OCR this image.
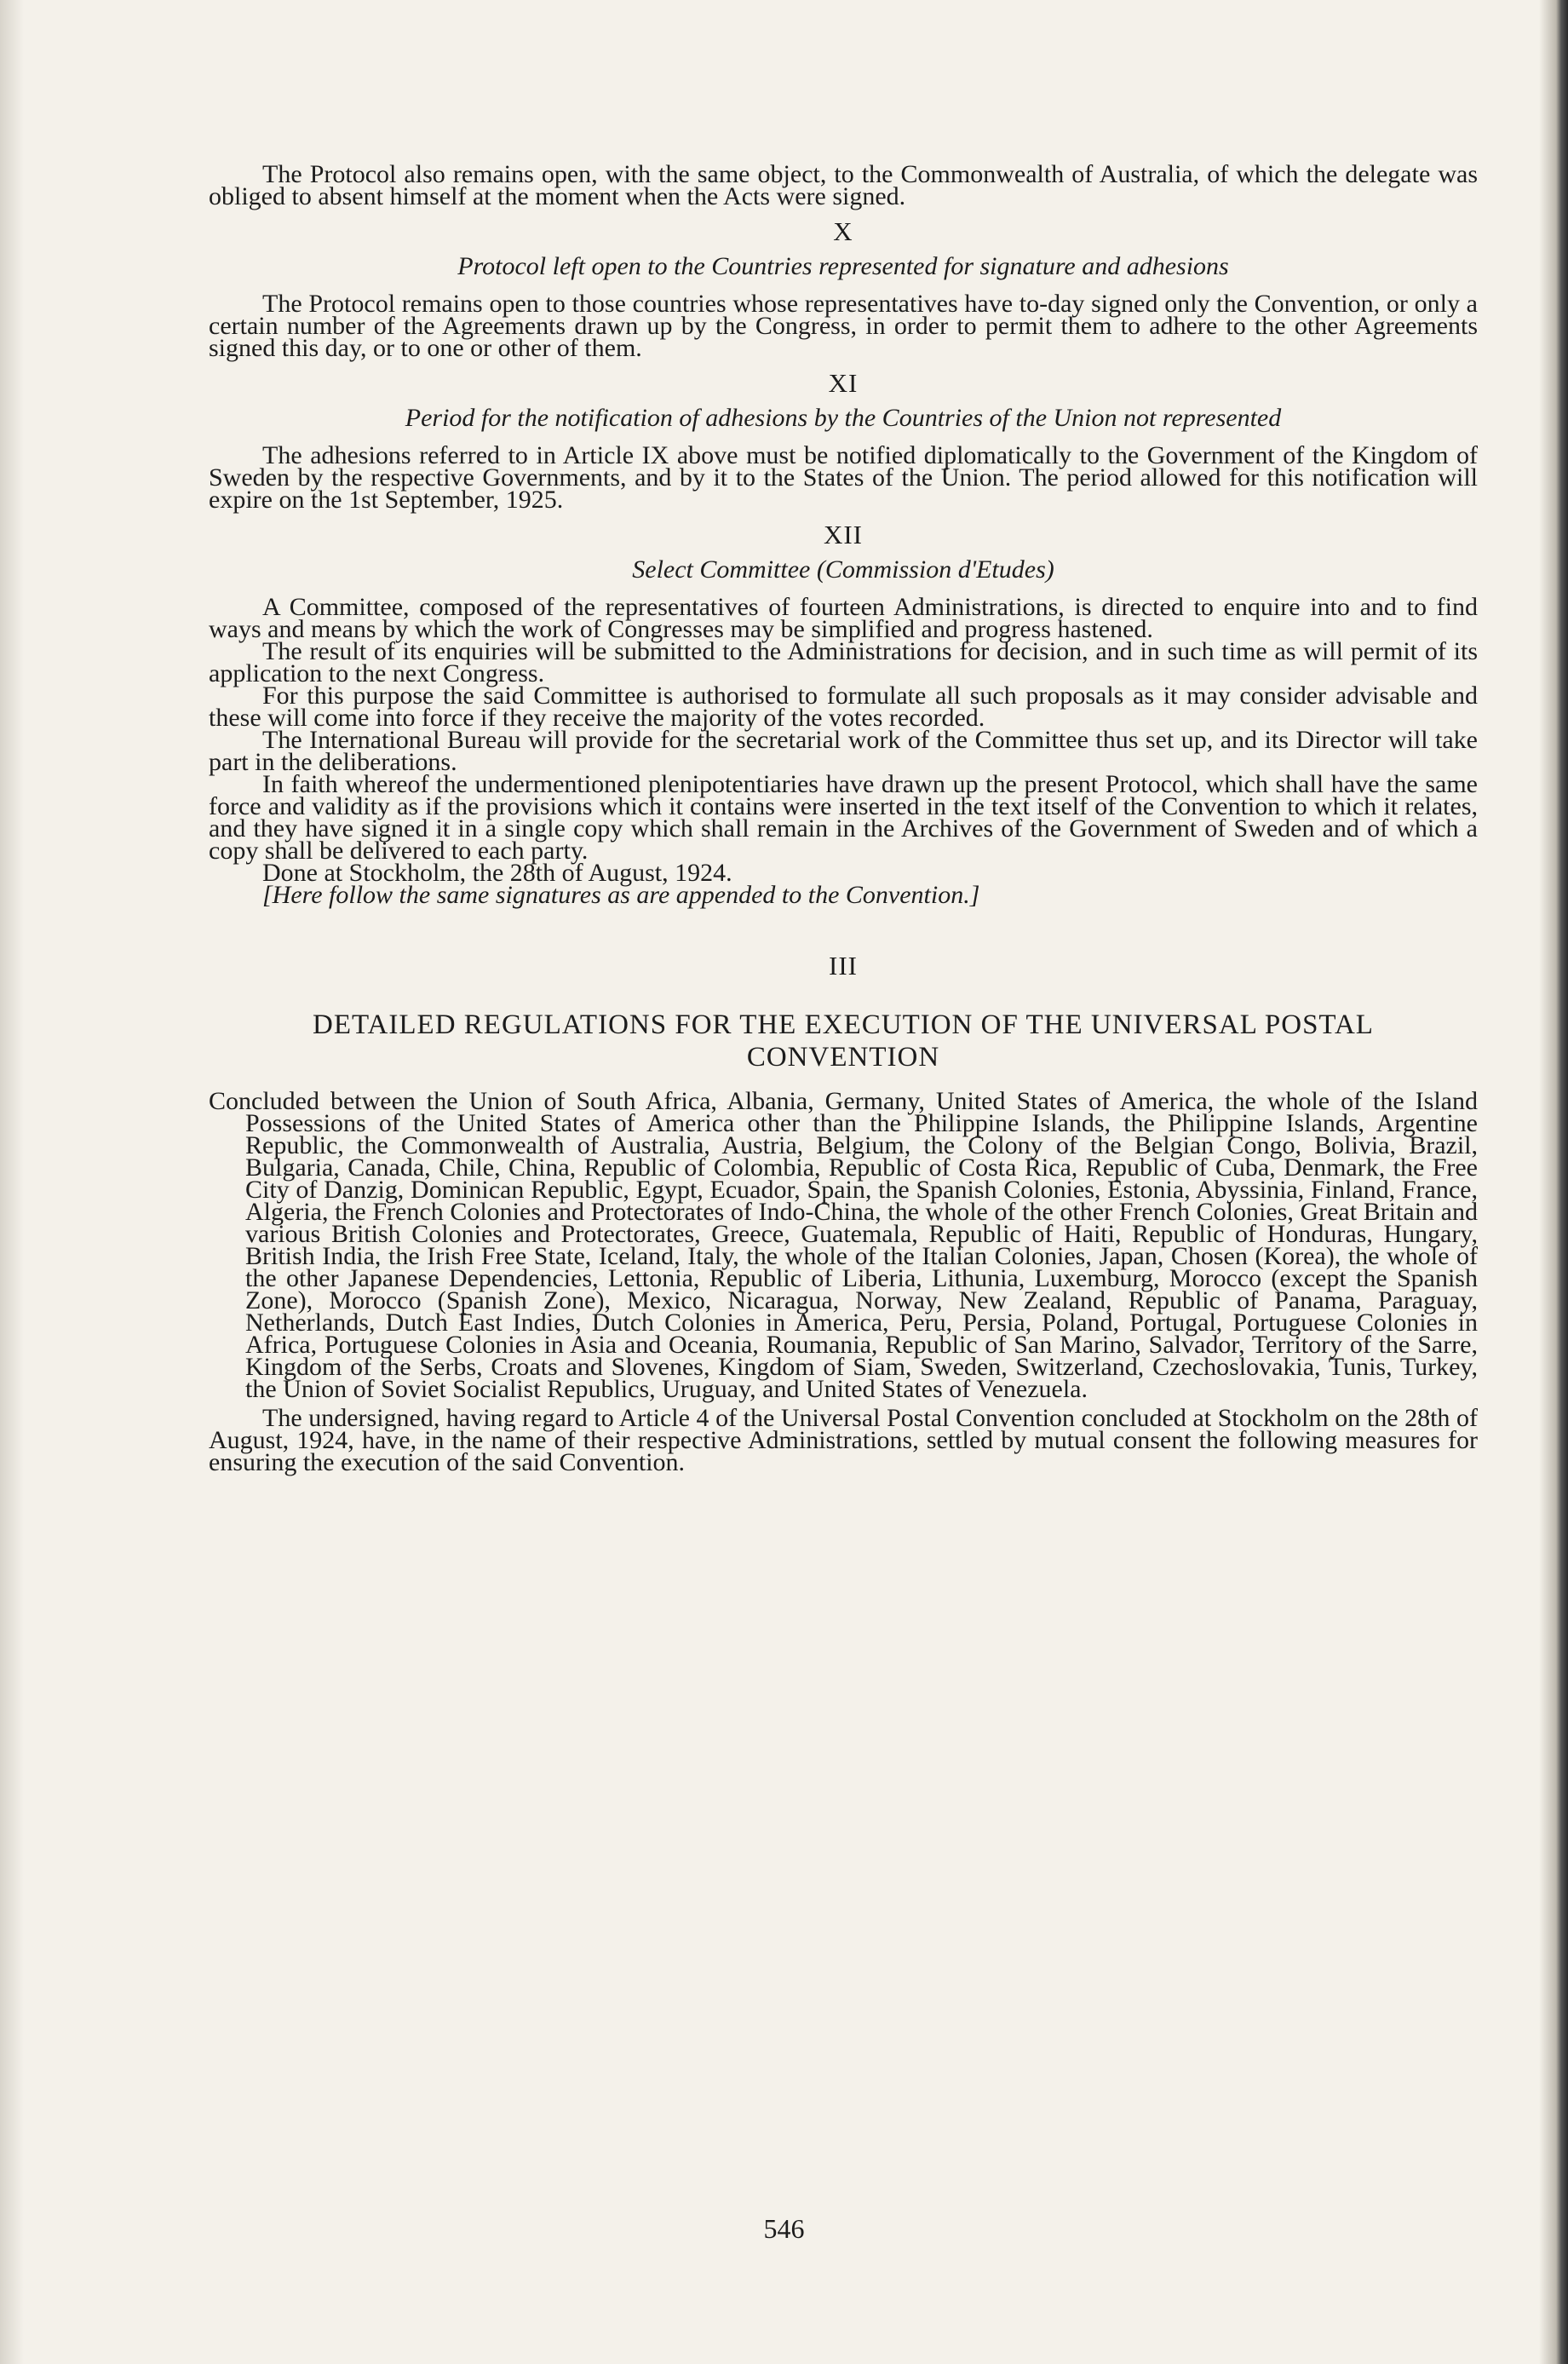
The Protocol also remains open, with the same object, to the Commonwealth of Australia, of which the delegate was obliged to absent himself at the moment when the Acts were signed.

X
Protocol left open to the Countries represented for signature and adhesions

The Protocol remains open to those countries whose representatives have to-day signed only the Convention, or only a certain number of the Agreements drawn up by the Congress, in order to permit them to adhere to the other Agreements signed this day, or to one or other of them.

XI
Period for the notification of adhesions by the Countries of the Union not represented

The adhesions referred to in Article IX above must be notified diplomatically to the Government of the Kingdom of Sweden by the respective Governments, and by it to the States of the Union. The period allowed for this notification will expire on the 1st September, 1925.

XII
Select Committee (Commission d'Etudes)

A Committee, composed of the representatives of fourteen Administrations, is directed to enquire into and to find ways and means by which the work of Congresses may be simplified and progress hastened.

The result of its enquiries will be submitted to the Administrations for decision, and in such time as will permit of its application to the next Congress.

For this purpose the said Committee is authorised to formulate all such proposals as it may consider advisable and these will come into force if they receive the majority of the votes recorded.

The International Bureau will provide for the secretarial work of the Committee thus set up, and its Director will take part in the deliberations.

In faith whereof the undermentioned plenipotentiaries have drawn up the present Protocol, which shall have the same force and validity as if the provisions which it contains were inserted in the text itself of the Convention to which it relates, and they have signed it in a single copy which shall remain in the Archives of the Government of Sweden and of which a copy shall be delivered to each party.

Done at Stockholm, the 28th of August, 1924.

[Here follow the same signatures as are appended to the Convention.]

III
DETAILED REGULATIONS FOR THE EXECUTION OF THE UNIVERSAL POSTAL CONVENTION

Concluded between the Union of South Africa, Albania, Germany, United States of America, the whole of the Island Possessions of the United States of America other than the Philippine Islands, the Philippine Islands, Argentine Republic, the Commonwealth of Australia, Austria, Belgium, the Colony of the Belgian Congo, Bolivia, Brazil, Bulgaria, Canada, Chile, China, Republic of Colombia, Republic of Costa Rica, Republic of Cuba, Denmark, the Free City of Danzig, Dominican Republic, Egypt, Ecuador, Spain, the Spanish Colonies, Estonia, Abyssinia, Finland, France, Algeria, the French Colonies and Protectorates of Indo-China, the whole of the other French Colonies, Great Britain and various British Colonies and Protectorates, Greece, Guatemala, Republic of Haiti, Republic of Honduras, Hungary, British India, the Irish Free State, Iceland, Italy, the whole of the Italian Colonies, Japan, Chosen (Korea), the whole of the other Japanese Dependencies, Lettonia, Republic of Liberia, Lithunia, Luxemburg, Morocco (except the Spanish Zone), Morocco (Spanish Zone), Mexico, Nicaragua, Norway, New Zealand, Republic of Panama, Paraguay, Netherlands, Dutch East Indies, Dutch Colonies in America, Peru, Persia, Poland, Portugal, Portuguese Colonies in Africa, Portuguese Colonies in Asia and Oceania, Roumania, Republic of San Marino, Salvador, Territory of the Sarre, Kingdom of the Serbs, Croats and Slovenes, Kingdom of Siam, Sweden, Switzerland, Czechoslovakia, Tunis, Turkey, the Union of Soviet Socialist Republics, Uruguay, and United States of Venezuela.

The undersigned, having regard to Article 4 of the Universal Postal Convention concluded at Stockholm on the 28th of August, 1924, have, in the name of their respective Administrations, settled by mutual consent the following measures for ensuring the execution of the said Convention.

546
